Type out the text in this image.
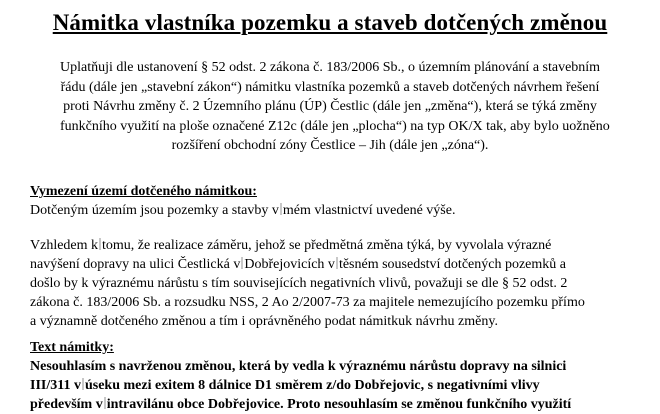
Námitka vlastníka pozemku a staveb dotčených změnou
Uplatňuji dle ustanovení § 52 odst. 2 zákona č. 183/2006 Sb., o územním plánování a stavebním
řádu (dále jen „stavební zákon“) námitku vlastníka pozemků a staveb dotčených návrhem řešení
proti Návrhu změny č. 2 Územního plánu (ÚP) Čestlic (dále jen „změna“), která se týká změny
funkčního využití na ploše označené Z12c (dále jen „plocha“) na typ OK/X tak, aby bylo uožněno
rozšíření obchodní zóny Čestlice – Jih (dále jen „zóna“).
Vymezení území dotčeného námitkou:
Dotčeným územím jsou pozemky a stavby v mém vlastnictví uvedené výše.
Vzhledem k tomu, že realizace záměru, jehož se předmětná změna týká, by vyvolala výrazné
navýšení dopravy na ulici Čestlická v Dobřejovicích v těsném sousedství dotčených pozemků a
došlo by k výraznému nárůstu s tím souvisejících negativních vlivů, považuji se dle § 52 odst. 2
zákona č. 183/2006 Sb. a rozsudku NSS, 2 Ao 2/2007-73 za majitele nemezujícího pozemku přímo
a významně dotčeného změnou a tím i oprávněného podat námitkuk návrhu změny.
Text námitky:
Nesouhlasím s navrženou změnou, která by vedla k výraznému nárůstu dopravy na silnici
III/311 v úseku mezi exitem 8 dálnice D1 směrem z/do Dobřejovic, s negativními vlivy
především v intravilánu obce Dobřejovice. Proto nesouhlasím se změnou funkčního využití
